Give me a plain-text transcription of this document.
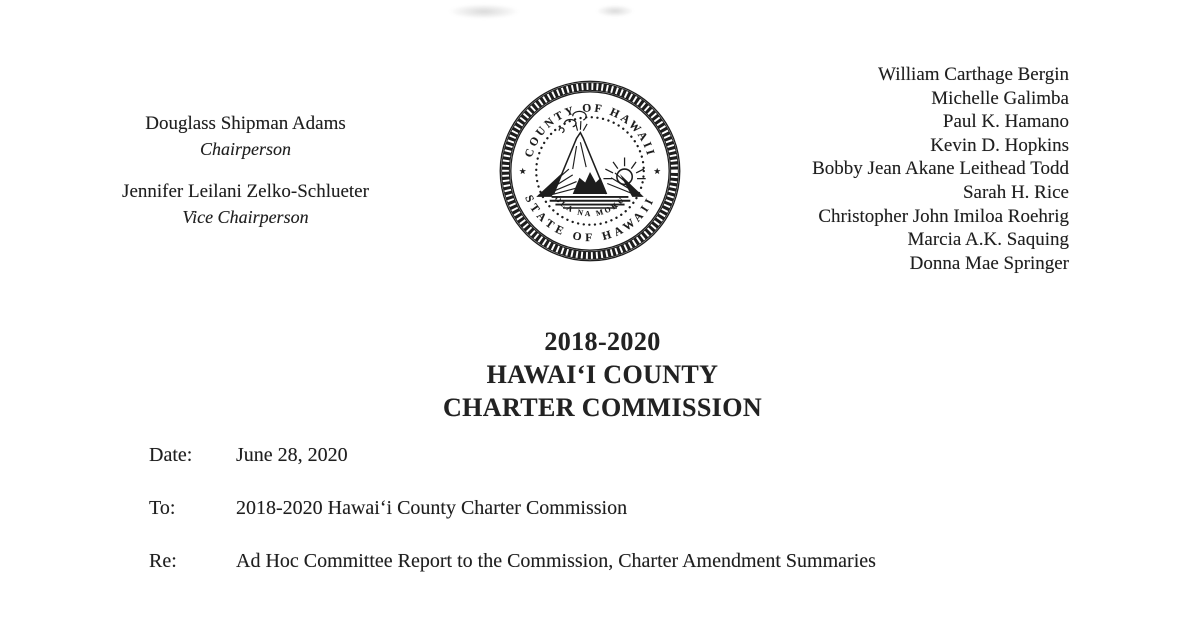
Douglass Shipman Adams
Chairperson
Jennifer Leilani Zelko-Schlueter
Vice Chairperson
COUNTY OF HAWAII
STATE OF HAWAII
OLA NA MOKU
★	★
William Carthage Bergin
Michelle Galimba
Paul K. Hamano
Kevin D. Hopkins
Bobby Jean Akane Leithead Todd
Sarah H. Rice
Christopher John Imiloa Roehrig
Marcia A.K. Saquing
Donna Mae Springer
2018-2020
HAWAI‘I COUNTY
CHARTER COMMISSION
Date:	June 28, 2020
To:	2018-2020 Hawai‘i County Charter Commission
Re:	Ad Hoc Committee Report to the Commission, Charter Amendment Summaries
